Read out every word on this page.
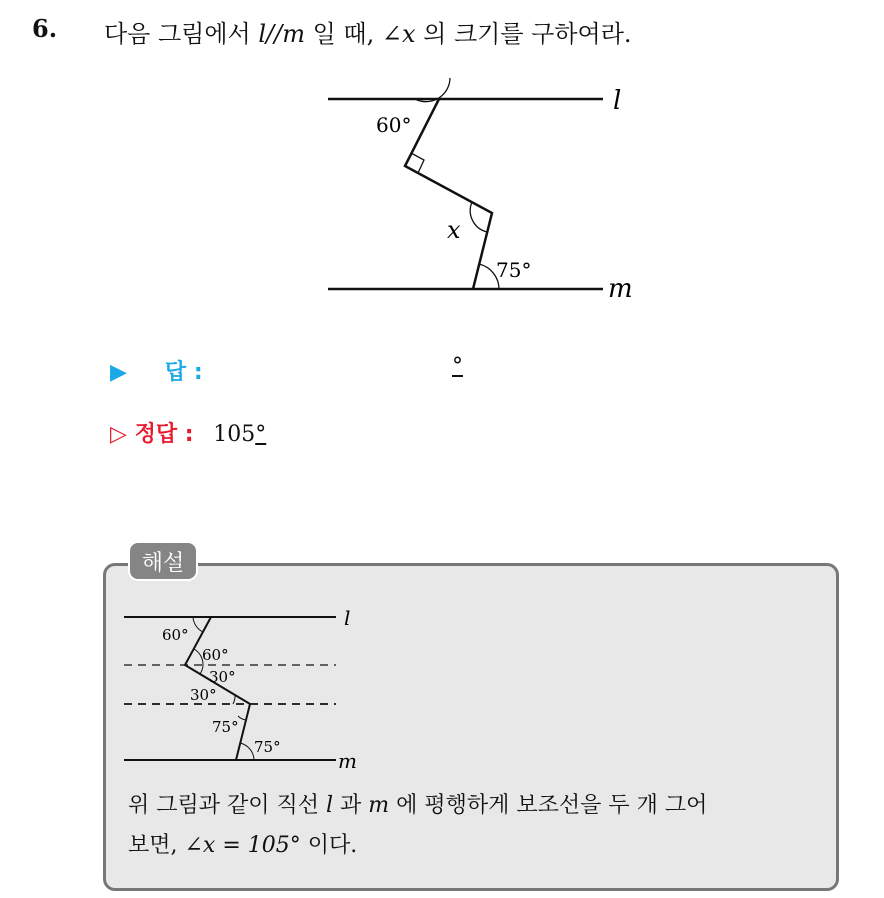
6. 다음 그림에서 l//m 일 때, ∠x 의 크기를 구하여라.
l
m
60°
x
75°
▶ 답 :	°
▷ 정답 : 105°
해설
l
m
60°
60°
30°
30°
75°
75°
위 그림과 같이 직선 l 과 m 에 평행하게 보조선을 두 개 그어
보면, ∠x = 105° 이다.
